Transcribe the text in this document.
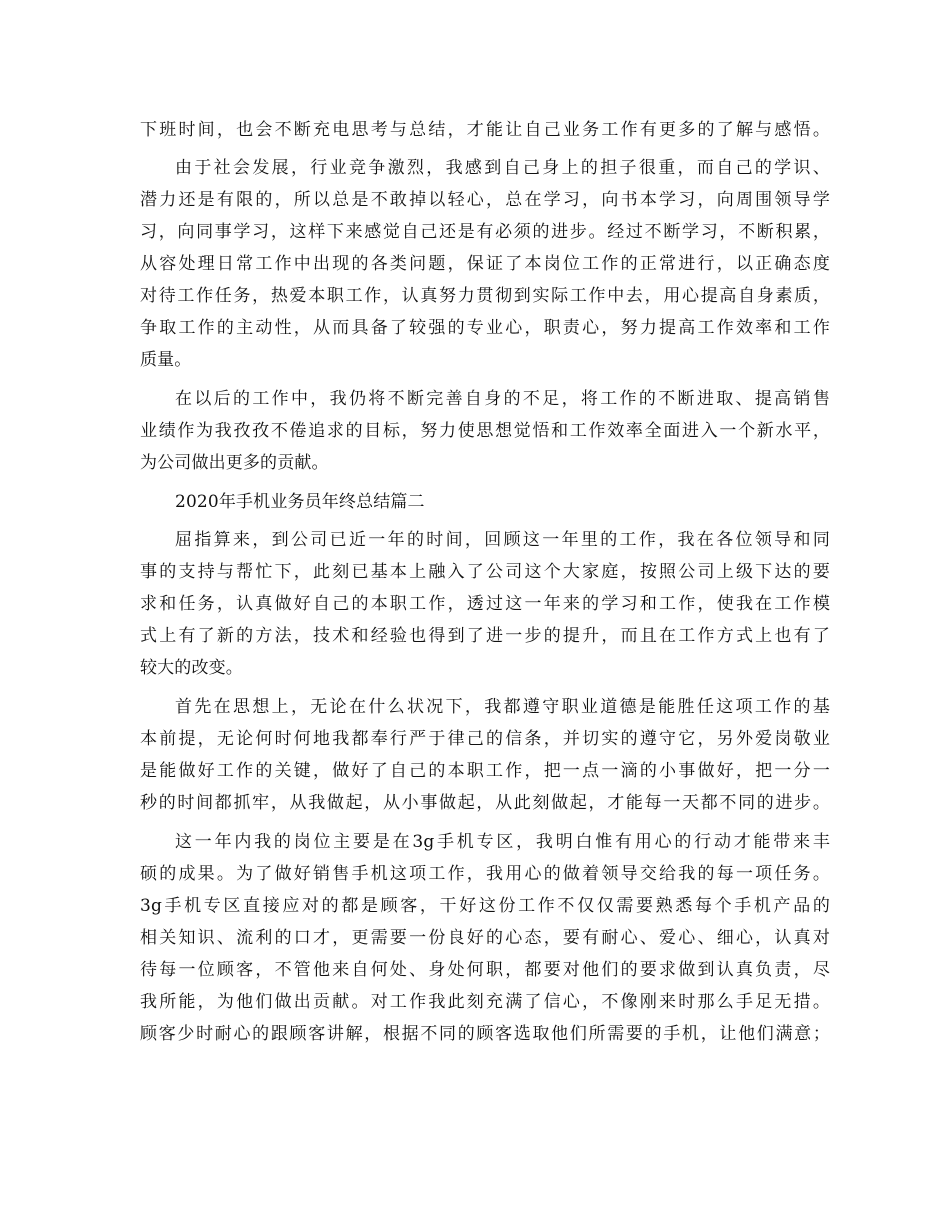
下班时间，也会不断充电思考与总结，才能让自己业务工作有更多的了解与感悟。
由于社会发展，行业竞争激烈，我感到自己身上的担子很重，而自己的学识、
潜力还是有限的，所以总是不敢掉以轻心，总在学习，向书本学习，向周围领导学
习，向同事学习，这样下来感觉自己还是有必须的进步。经过不断学习，不断积累，
从容处理日常工作中出现的各类问题，保证了本岗位工作的正常进行，以正确态度
对待工作任务，热爱本职工作，认真努力贯彻到实际工作中去，用心提高自身素质，
争取工作的主动性，从而具备了较强的专业心，职责心，努力提高工作效率和工作
质量。
在以后的工作中，我仍将不断完善自身的不足，将工作的不断进取、提高销售
业绩作为我孜孜不倦追求的目标，努力使思想觉悟和工作效率全面进入一个新水平，
为公司做出更多的贡献。
2020年手机业务员年终总结篇二
屈指算来，到公司已近一年的时间，回顾这一年里的工作，我在各位领导和同
事的支持与帮忙下，此刻已基本上融入了公司这个大家庭，按照公司上级下达的要
求和任务，认真做好自己的本职工作，透过这一年来的学习和工作，使我在工作模
式上有了新的方法，技术和经验也得到了进一步的提升，而且在工作方式上也有了
较大的改变。
首先在思想上，无论在什么状况下，我都遵守职业道德是能胜任这项工作的基
本前提，无论何时何地我都奉行严于律己的信条，并切实的遵守它，另外爱岗敬业
是能做好工作的关键，做好了自己的本职工作，把一点一滴的小事做好，把一分一
秒的时间都抓牢，从我做起，从小事做起，从此刻做起，才能每一天都不同的进步。
这一年内我的岗位主要是在3g手机专区，我明白惟有用心的行动才能带来丰
硕的成果。为了做好销售手机这项工作，我用心的做着领导交给我的每一项任务。
3g手机专区直接应对的都是顾客，干好这份工作不仅仅需要熟悉每个手机产品的
相关知识、流利的口才，更需要一份良好的心态，要有耐心、爱心、细心，认真对
待每一位顾客，不管他来自何处、身处何职，都要对他们的要求做到认真负责，尽
我所能，为他们做出贡献。对工作我此刻充满了信心，不像刚来时那么手足无措。
顾客少时耐心的跟顾客讲解，根据不同的顾客选取他们所需要的手机，让他们满意；
